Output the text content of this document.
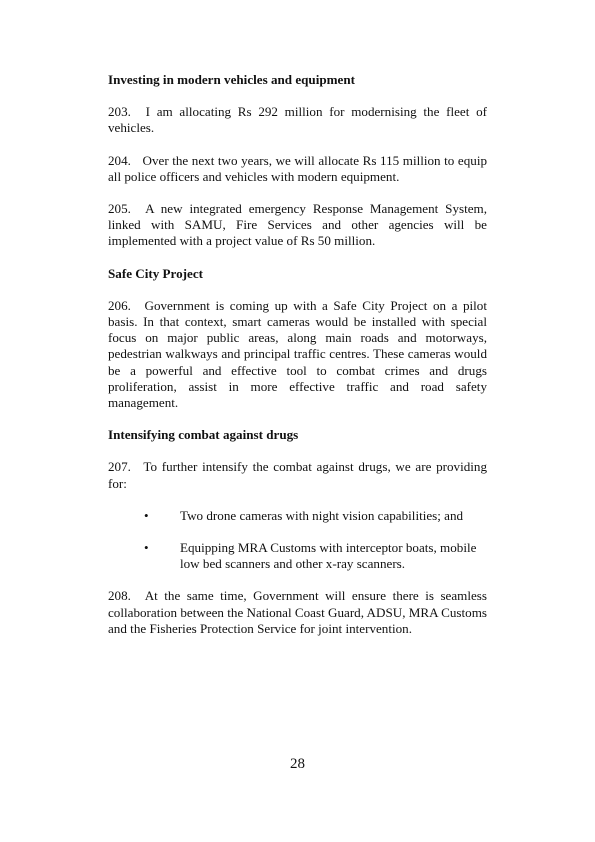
Investing in modern vehicles and equipment

203. I am allocating Rs 292 million for modernising the fleet of vehicles.

204. Over the next two years, we will allocate Rs 115 million to equip all police officers and vehicles with modern equipment.

205. A new integrated emergency Response Management System, linked with SAMU, Fire Services and other agencies will be implemented with a project value of Rs 50 million.

Safe City Project

206. Government is coming up with a Safe City Project on a pilot basis. In that context, smart cameras would be installed with special focus on major public areas, along main roads and motorways, pedestrian walkways and principal traffic centres. These cameras would be a powerful and effective tool to combat crimes and drugs proliferation, assist in more effective traffic and road safety management.

Intensifying combat against drugs

207. To further intensify the combat against drugs, we are providing for:

• Two drone cameras with night vision capabilities; and
• Equipping MRA Customs with interceptor boats, mobile low bed scanners and other x-ray scanners.

208. At the same time, Government will ensure there is seamless collaboration between the National Coast Guard, ADSU, MRA Customs and the Fisheries Protection Service for joint intervention.

28
